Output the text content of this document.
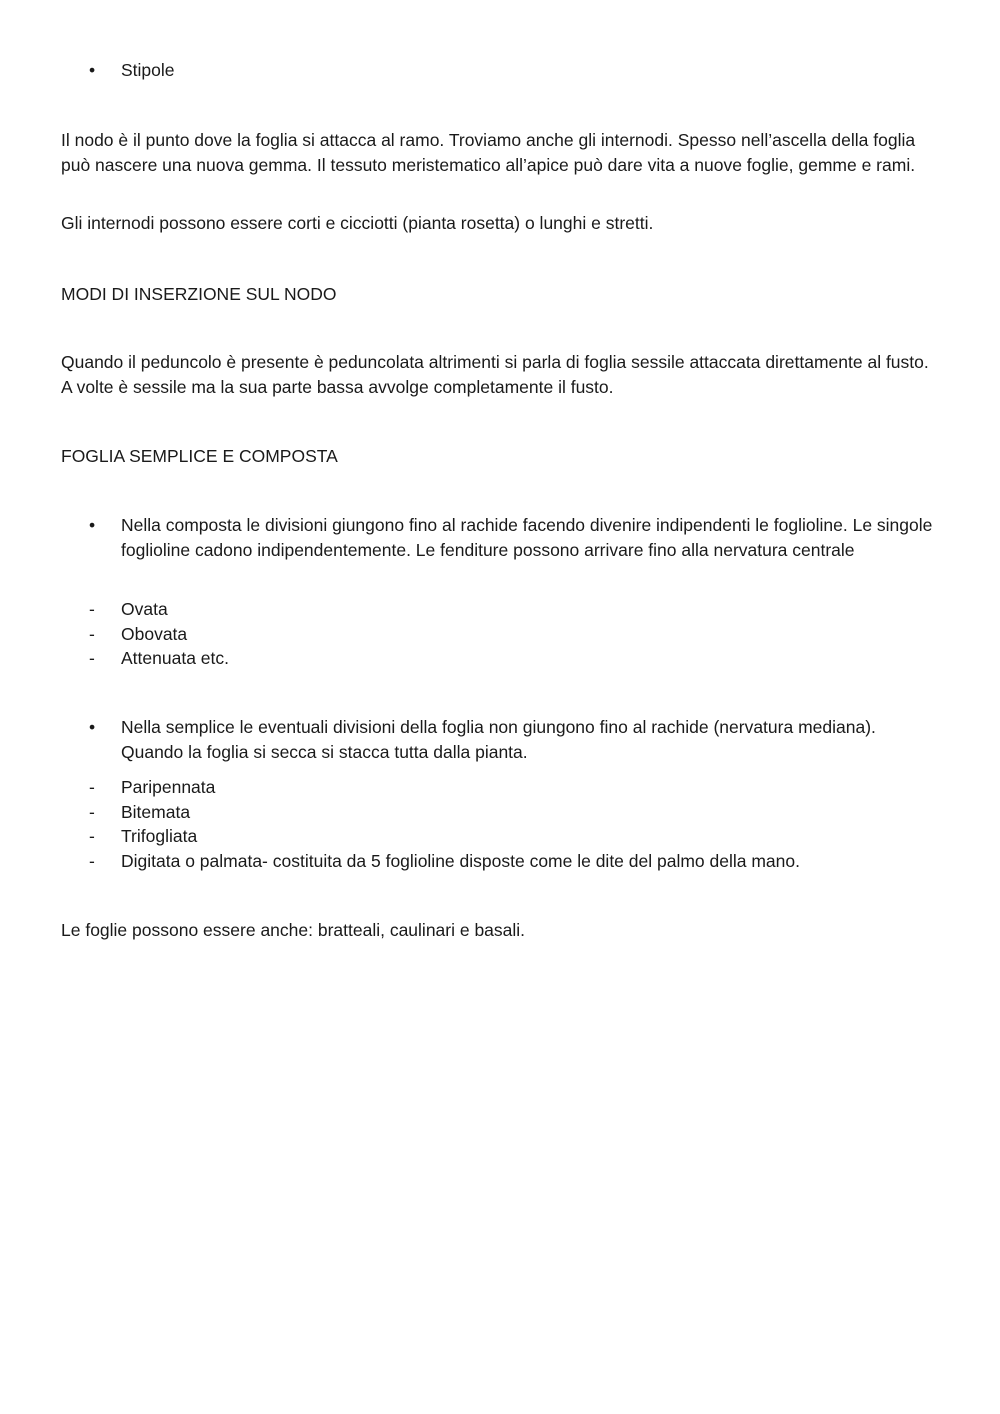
•	Stipole

Il nodo è il punto dove la foglia si attacca al ramo. Troviamo anche gli internodi. Spesso nell’ascella della foglia può nascere una nuova gemma. Il tessuto meristematico all’apice può dare vita a nuove foglie, gemme e rami.

Gli internodi possono essere corti e cicciotti (pianta rosetta) o lunghi e stretti.

MODI DI INSERZIONE SUL NODO

Quando il peduncolo è presente è peduncolata altrimenti si parla di foglia sessile attaccata direttamente al fusto. A volte è sessile ma la sua parte bassa avvolge completamente il fusto.

FOGLIA SEMPLICE E COMPOSTA

•	Nella composta le divisioni giungono fino al rachide facendo divenire indipendenti le foglioline. Le singole foglioline cadono indipendentemente. Le fenditure possono arrivare fino alla nervatura centrale
-	Ovata
-	Obovata
-	Attenuata etc.
•	Nella semplice le eventuali divisioni della foglia non giungono fino al rachide (nervatura mediana). Quando la foglia si secca si stacca tutta dalla pianta.
-	Paripennata
-	Bitemata
-	Trifogliata
-	Digitata o palmata- costituita da 5 foglioline disposte come le dite del palmo della mano.

Le foglie possono essere anche: bratteali, caulinari e basali.
